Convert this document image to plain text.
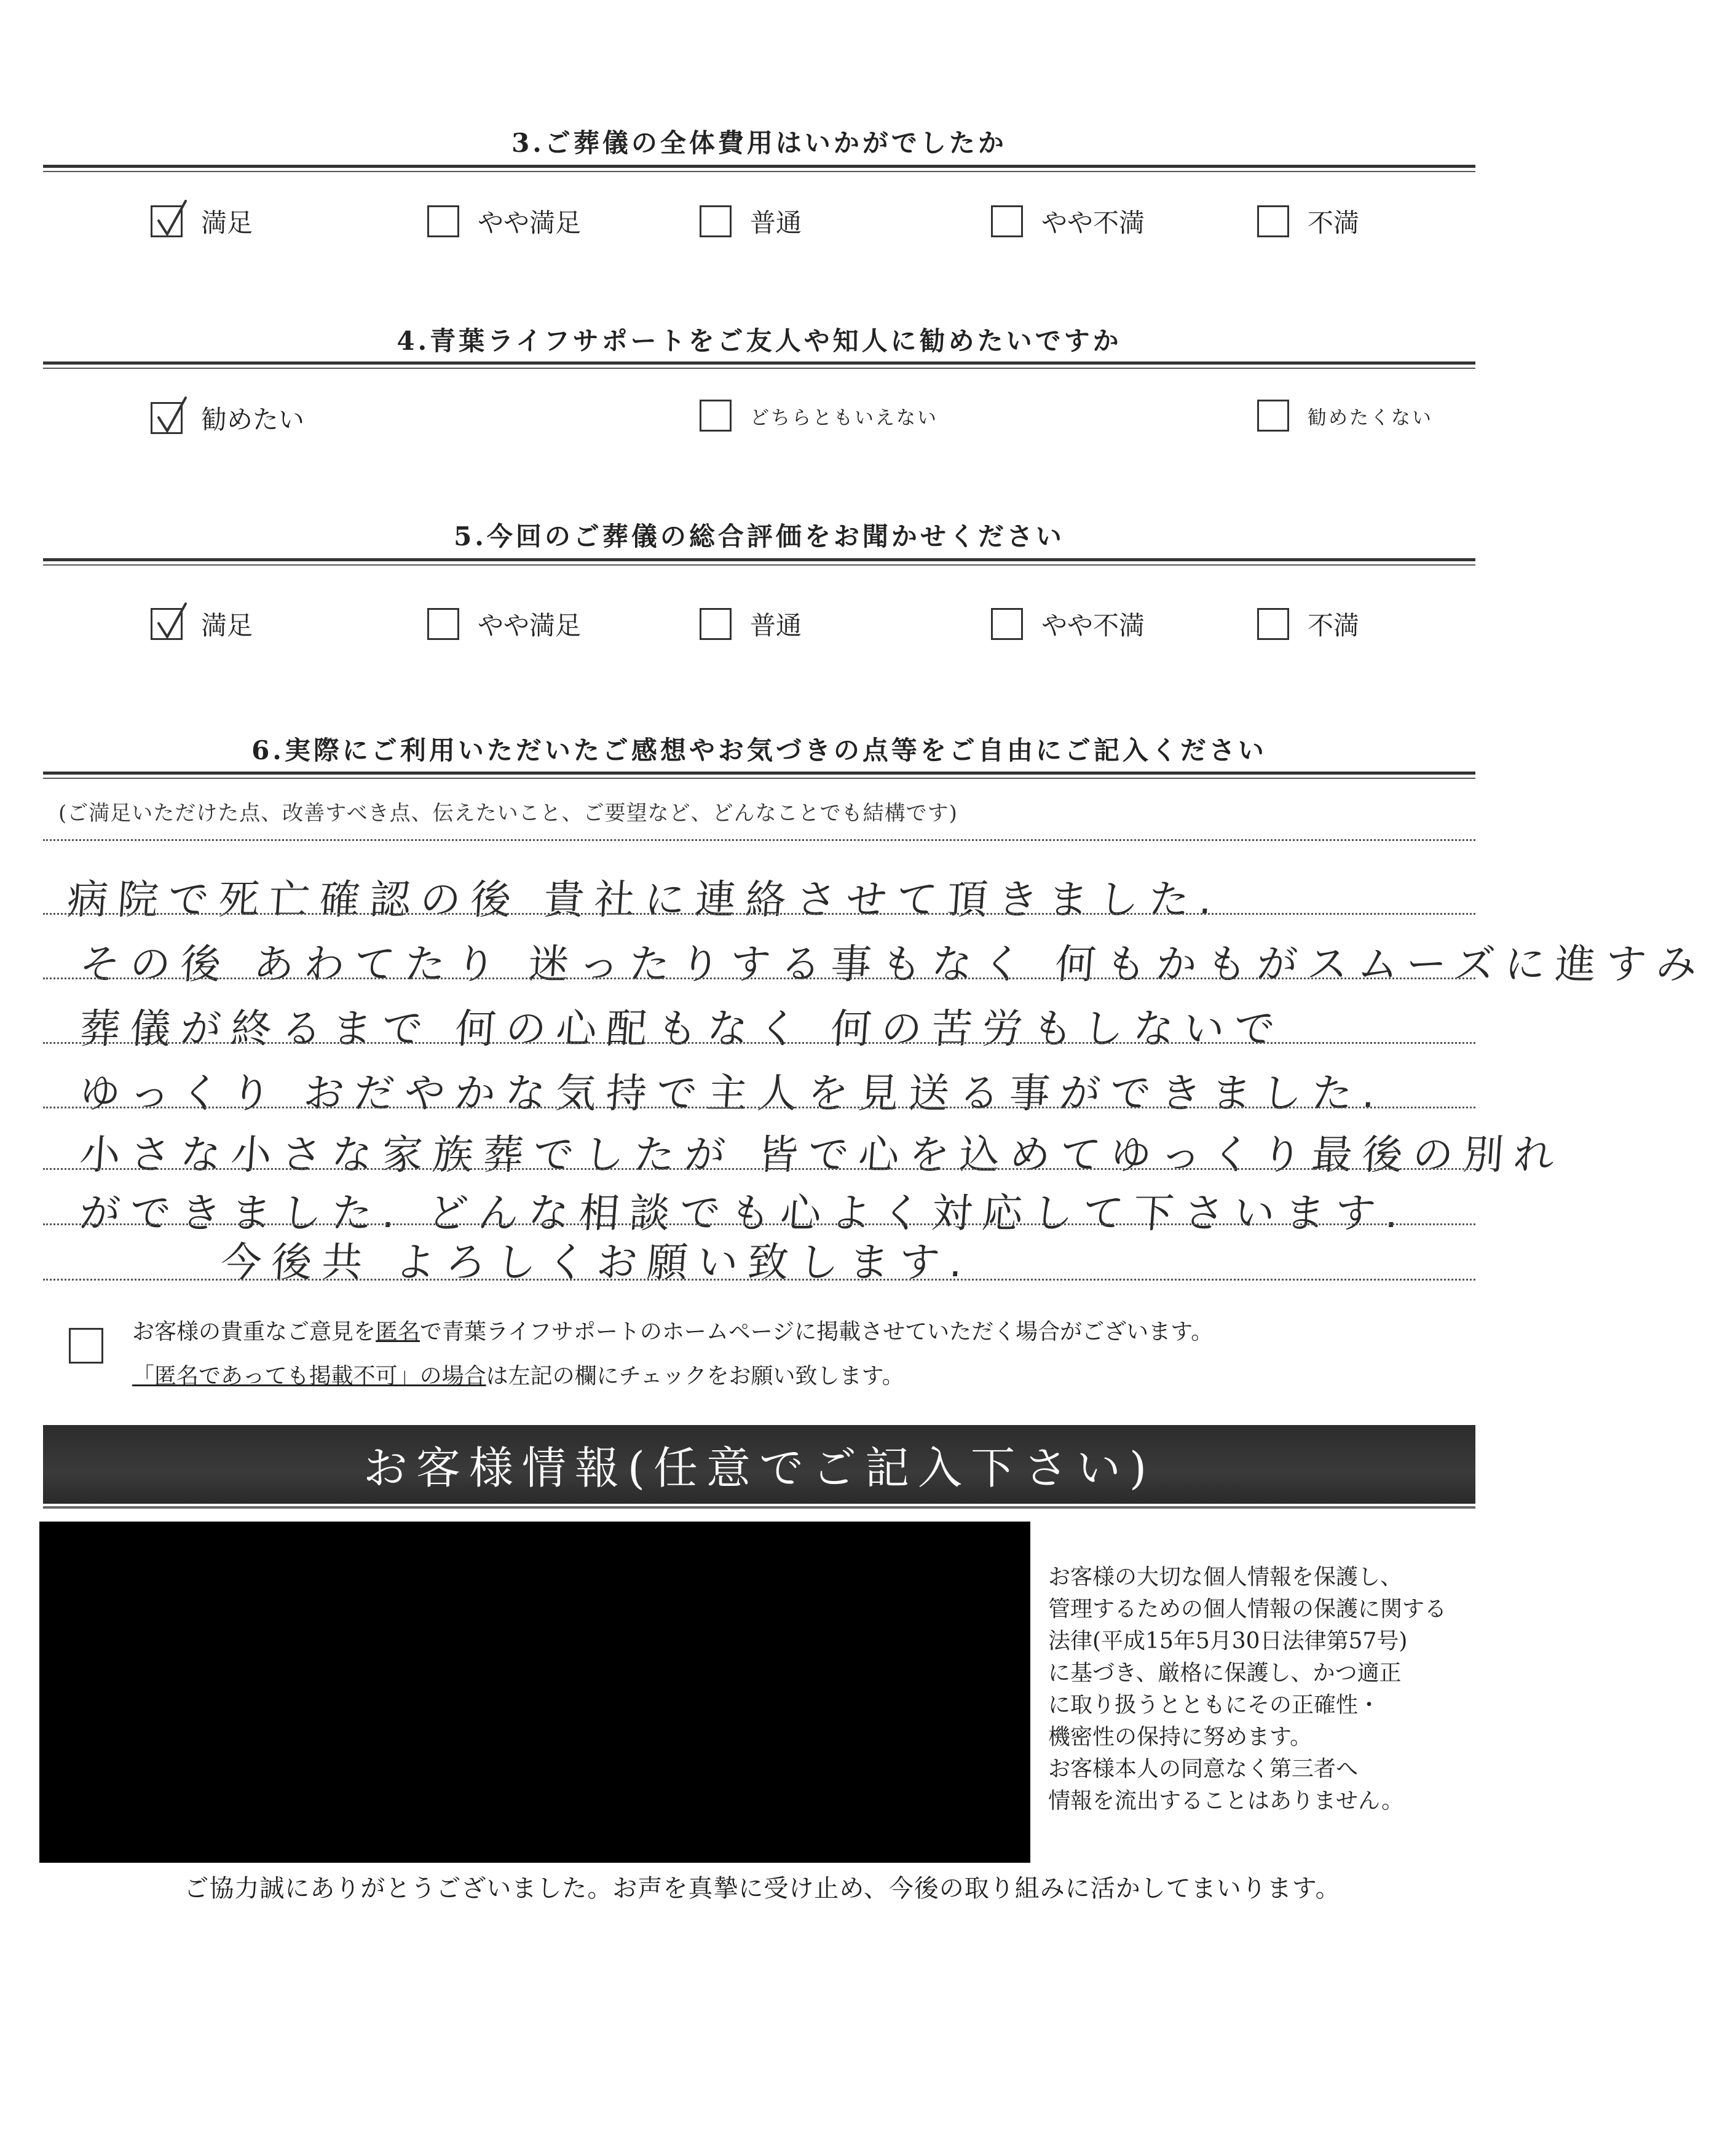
3.ご葬儀の全体費用はいかがでしたか
満足	やや満足	普通	やや不満	不満
4.青葉ライフサポートをご友人や知人に勧めたいですか
勧めたい	どちらともいえない	勧めたくない
5.今回のご葬儀の総合評価をお聞かせください
満足	やや満足	普通	やや不満	不満
6.実際にご利用いただいたご感想やお気づきの点等をご自由にご記入ください
(ご満足いただけた点、改善すべき点、伝えたいこと、ご要望など、どんなことでも結構です)
病院で死亡確認の後 貴社に連絡させて頂きました.
その後 あわてたり 迷ったりする事もなく 何もかもがスムーズに進すみ
葬儀が終るまで 何の心配もなく 何の苦労もしないで
ゆっくり おだやかな気持で主人を見送る事ができました.
小さな小さな家族葬でしたが 皆で心を込めてゆっくり最後の別れ
ができました. どんな相談でも心よく対応して下さいます.
今後共 よろしくお願い致します.
お客様の貴重なご意見を匿名で青葉ライフサポートのホームページに掲載させていただく場合がございます。
「匿名であっても掲載不可」の場合は左記の欄にチェックをお願い致します。
お客様情報(任意でご記入下さい)
お客様の大切な個人情報を保護し、
管理するための個人情報の保護に関する
法律(平成15年5月30日法律第57号)
に基づき、厳格に保護し、かつ適正
に取り扱うとともにその正確性・
機密性の保持に努めます。
お客様本人の同意なく第三者へ
情報を流出することはありません。
ご協力誠にありがとうございました。お声を真摯に受け止め、今後の取り組みに活かしてまいります。
